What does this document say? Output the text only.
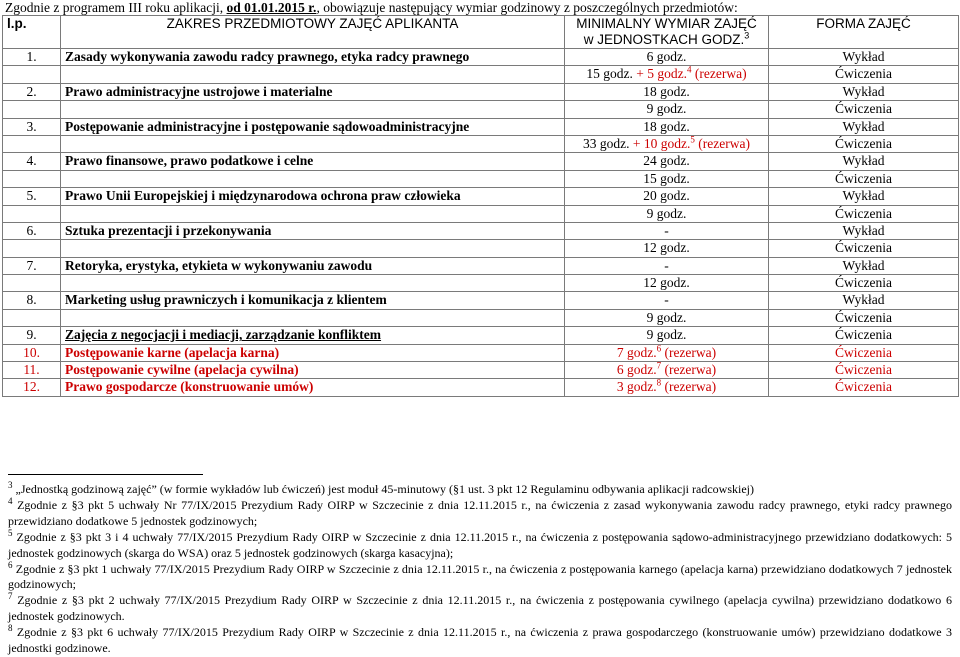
Zgodnie z programem III roku aplikacji, od 01.01.2015 r., obowiązuje następujący wymiar godzinowy z poszczególnych przedmiotów:
l.p.	ZAKRES PRZEDMIOTOWY ZAJĘĆ APLIKANTA	MINIMALNY WYMIAR ZAJĘĆ
w JEDNOSTKACH GODZ.$^3$	FORMA ZAJĘĆ
1.	Zasady wykonywania zawodu radcy prawnego, etyka radcy prawnego	6 godz.	Wykład
		15 godz. + 5 godz.$^4$ (rezerwa)	Ćwiczenia
2.	Prawo administracyjne ustrojowe i materialne	18 godz.	Wykład
		9 godz.	Ćwiczenia
3.	Postępowanie administracyjne i postępowanie sądowoadministracyjne	18 godz.	Wykład
		33 godz. + 10 godz.$^5$ (rezerwa)	Ćwiczenia
4.	Prawo finansowe, prawo podatkowe i celne	24 godz.	Wykład
		15 godz.	Ćwiczenia
5.	Prawo Unii Europejskiej i międzynarodowa ochrona praw człowieka	20 godz.	Wykład
		9 godz.	Ćwiczenia
6.	Sztuka prezentacji i przekonywania	-	Wykład
		12 godz.	Ćwiczenia
7.	Retoryka, erystyka, etykieta w wykonywaniu zawodu	-	Wykład
		12 godz.	Ćwiczenia
8.	Marketing usług prawniczych i komunikacja z klientem	-	Wykład
		9 godz.	Ćwiczenia
9.	Zajęcia z negocjacji i mediacji, zarządzanie konfliktem	9 godz.	Ćwiczenia
10.	Postępowanie karne (apelacja karna)	7 godz.$^6$ (rezerwa)	Ćwiczenia
11.	Postępowanie cywilne (apelacja cywilna)	6 godz.$^7$ (rezerwa)	Ćwiczenia
12.	Prawo gospodarcze (konstruowanie umów)	3 godz.$^8$ (rezerwa)	Ćwiczenia

$^3$ „Jednostką godzinową zajęć” (w formie wykładów lub ćwiczeń) jest moduł 45-minutowy (§1 ust. 3 pkt 12 Regulaminu odbywania aplikacji radcowskiej)

$^4$ Zgodnie z §3 pkt 5 uchwały Nr 77/IX/2015 Prezydium Rady OIRP w Szczecinie z dnia 12.11.2015 r., na ćwiczenia z zasad wykonywania zawodu radcy prawnego, etyki radcy prawnego przewidziano dodatkowe 5 jednostek godzinowych;

$^5$ Zgodnie z §3 pkt 3 i 4 uchwały 77/IX/2015 Prezydium Rady OIRP w Szczecinie z dnia 12.11.2015 r., na ćwiczenia z postępowania sądowo-administracyjnego przewidziano dodatkowych: 5 jednostek godzinowych (skarga do WSA) oraz 5 jednostek godzinowych (skarga kasacyjna);

$^6$ Zgodnie z §3 pkt 1 uchwały 77/IX/2015 Prezydium Rady OIRP w Szczecinie z dnia 12.11.2015 r., na ćwiczenia z postępowania karnego (apelacja karna) przewidziano dodatkowych 7 jednostek godzinowych;

$^7$ Zgodnie z §3 pkt 2 uchwały 77/IX/2015 Prezydium Rady OIRP w Szczecinie z dnia 12.11.2015 r., na ćwiczenia z postępowania cywilnego (apelacja cywilna) przewidziano dodatkowo 6 jednostek godzinowych.

$^8$ Zgodnie z §3 pkt 6 uchwały 77/IX/2015 Prezydium Rady OIRP w Szczecinie z dnia 12.11.2015 r., na ćwiczenia z prawa gospodarczego (konstruowanie umów) przewidziano dodatkowe 3 jednostki godzinowe.
